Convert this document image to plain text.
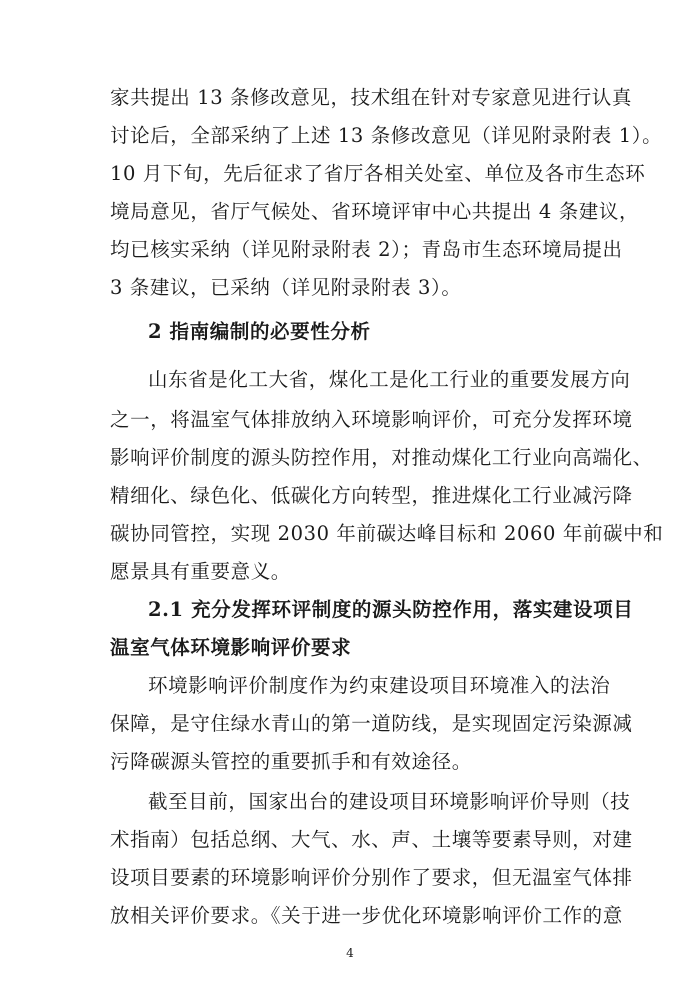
家共提出 13 条修改意见，技术组在针对专家意见进行认真
讨论后，全部采纳了上述 13 条修改意见（详见附录附表 1）。
10 月下旬，先后征求了省厅各相关处室、单位及各市生态环
境局意见，省厅气候处、省环境评审中心共提出 4 条建议，
均已核实采纳（详见附录附表 2）；青岛市生态环境局提出
3 条建议，已采纳（详见附录附表 3）。
2 指南编制的必要性分析
山东省是化工大省，煤化工是化工行业的重要发展方向
之一，将温室气体排放纳入环境影响评价，可充分发挥环境
影响评价制度的源头防控作用，对推动煤化工行业向高端化、
精细化、绿色化、低碳化方向转型，推进煤化工行业减污降
碳协同管控，实现 2030 年前碳达峰目标和 2060 年前碳中和
愿景具有重要意义。
2.1 充分发挥环评制度的源头防控作用，落实建设项目
温室气体环境影响评价要求
环境影响评价制度作为约束建设项目环境准入的法治
保障，是守住绿水青山的第一道防线，是实现固定污染源减
污降碳源头管控的重要抓手和有效途径。
截至目前，国家出台的建设项目环境影响评价导则（技
术指南）包括总纲、大气、水、声、土壤等要素导则，对建
设项目要素的环境影响评价分别作了要求，但无温室气体排
放相关评价要求。《关于进一步优化环境影响评价工作的意
4
